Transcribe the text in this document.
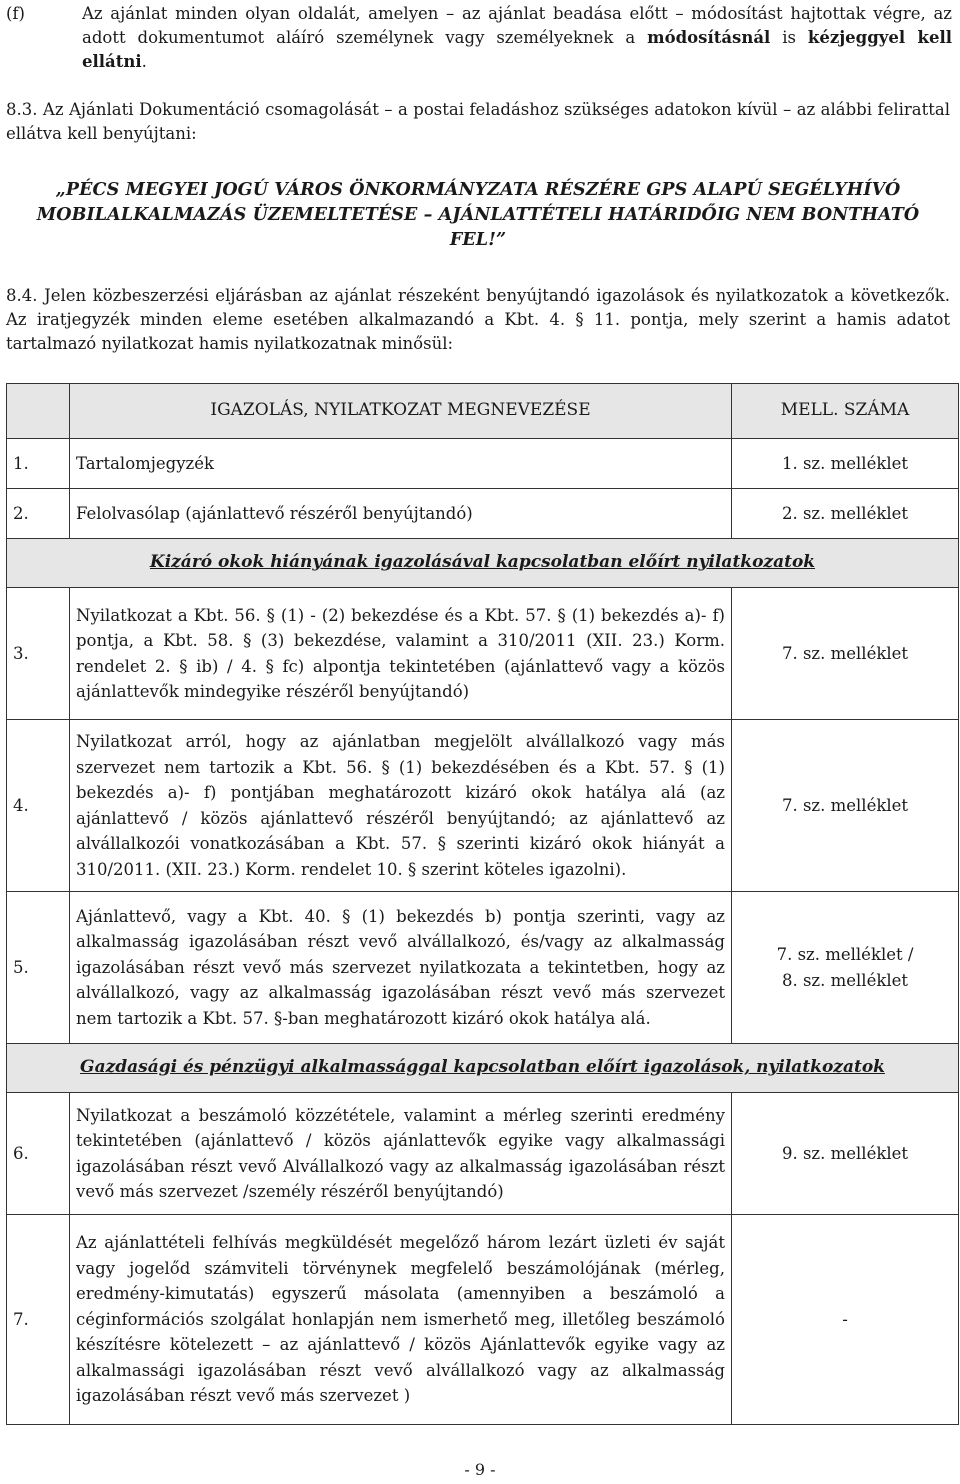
(f)	Az ajánlat minden olyan oldalát, amelyen – az ajánlat beadása előtt – módosítást hajtottak végre, az adott dokumentumot aláíró személynek vagy személyeknek a módosításnál is kézjeggyel kell ellátni.

8.3. Az Ajánlati Dokumentáció csomagolását – a postai feladáshoz szükséges adatokon kívül – az alábbi felirattal ellátva kell benyújtani:

„PÉCS MEGYEI JOGÚ VÁROS ÖNKORMÁNYZATA RÉSZÉRE GPS ALAPÚ SEGÉLYHÍVÓ MOBILALKALMAZÁS ÜZEMELTETÉSE – AJÁNLATTÉTELI HATÁRIDŐIG NEM BONTHATÓ FEL!”

8.4. Jelen közbeszerzési eljárásban az ajánlat részeként benyújtandó igazolások és nyilatkozatok a következők. Az iratjegyzék minden eleme esetében alkalmazandó a Kbt. 4. § 11. pontja, mely szerint a hamis adatot tartalmazó nyilatkozat hamis nyilatkozatnak minősül:

	IGAZOLÁS, NYILATKOZAT MEGNEVEZÉSE	MELL. SZÁMA
1.	Tartalomjegyzék	1. sz. melléklet
2.	Felolvasólap (ajánlattevő részéről benyújtandó)	2. sz. melléklet
Kizáró okok hiányának igazolásával kapcsolatban előírt nyilatkozatok		
3.	Nyilatkozat a Kbt. 56. § (1) - (2) bekezdése és a Kbt. 57. § (1) bekezdés a)- f) pontja, a Kbt. 58. § (3) bekezdése, valamint a 310/2011 (XII. 23.) Korm. rendelet 2. § ib) / 4. § fc) alpontja tekintetében (ajánlattevő vagy a közös ajánlattevők mindegyike részéről benyújtandó)	7. sz. melléklet
4.	Nyilatkozat arról, hogy az ajánlatban megjelölt alvállalkozó vagy más szervezet nem tartozik a Kbt. 56. § (1) bekezdésében és a Kbt. 57. § (1) bekezdés a)- f) pontjában meghatározott kizáró okok hatálya alá (az ajánlattevő / közös ajánlattevő részéről benyújtandó; az ajánlattevő az alvállalkozói vonatkozásában a Kbt. 57. § szerinti kizáró okok hiányát a 310/2011. (XII. 23.) Korm. rendelet 10. § szerint köteles igazolni).	7. sz. melléklet
5.	Ajánlattevő, vagy a Kbt. 40. § (1) bekezdés b) pontja szerinti, vagy az alkalmasság igazolásában részt vevő alvállalkozó, és/vagy az alkalmasság igazolásában részt vevő más szervezet nyilatkozata a tekintetben, hogy az alvállalkozó, vagy az alkalmasság igazolásában részt vevő más szervezet nem tartozik a Kbt. 57. §-ban meghatározott kizáró okok hatálya alá.	7. sz. melléklet /
8. sz. melléklet
Gazdasági és pénzügyi alkalmassággal kapcsolatban előírt igazolások, nyilatkozatok		
6.	Nyilatkozat a beszámoló közzététele, valamint a mérleg szerinti eredmény tekintetében (ajánlattevő / közös ajánlattevők egyike vagy alkalmassági igazolásában részt vevő Alvállalkozó vagy az alkalmasság igazolásában részt vevő más szervezet /személy részéről benyújtandó)	9. sz. melléklet
7.	Az ajánlattételi felhívás megküldését megelőző három lezárt üzleti év saját vagy jogelőd számviteli törvénynek megfelelő beszámolójának (mérleg, eredmény-kimutatás) egyszerű másolata (amennyiben a beszámoló a céginformációs szolgálat honlapján nem ismerhető meg, illetőleg beszámoló készítésre kötelezett – az ajánlattevő / közös Ajánlattevők egyike vagy az alkalmassági igazolásában részt vevő alvállalkozó vagy az alkalmasság igazolásában részt vevő más szervezet )	-
- 9 -
